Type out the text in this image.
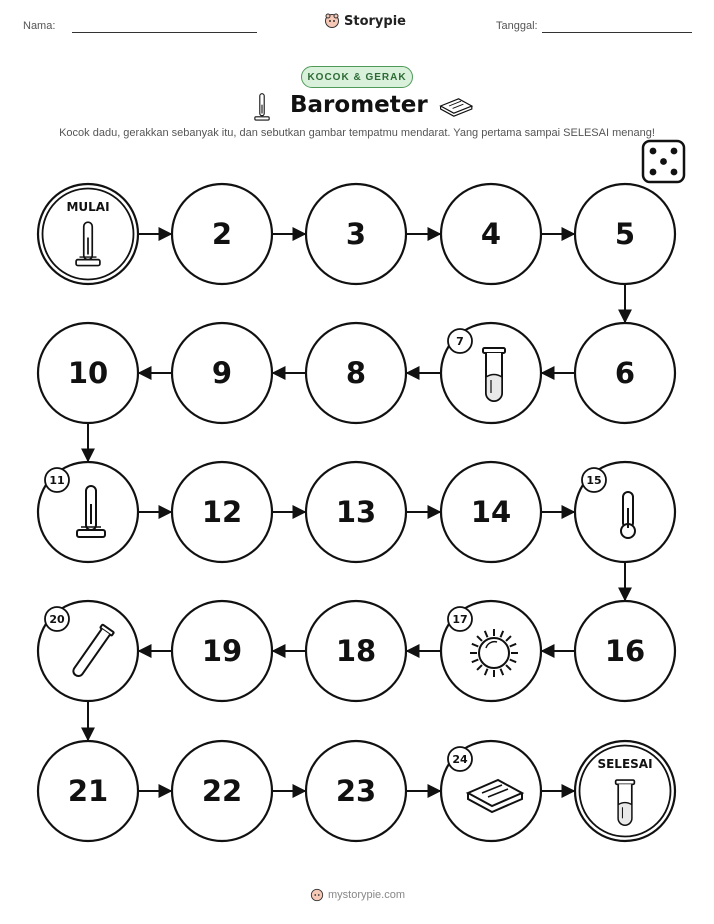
Nama:	Storypie	Tanggal:
KOCOK & GERAK
Barometer
Kocok dadu, gerakkan sebanyak itu, dan sebutkan gambar tempatmu mendarat. Yang pertama sampai SELESAI menang!
MULAI
2	3	4	5
6
7
8
9
10
11
12	13	14
15
16
17
18
19
20
21	22	23
24	SELESAI
mystorypie.com
